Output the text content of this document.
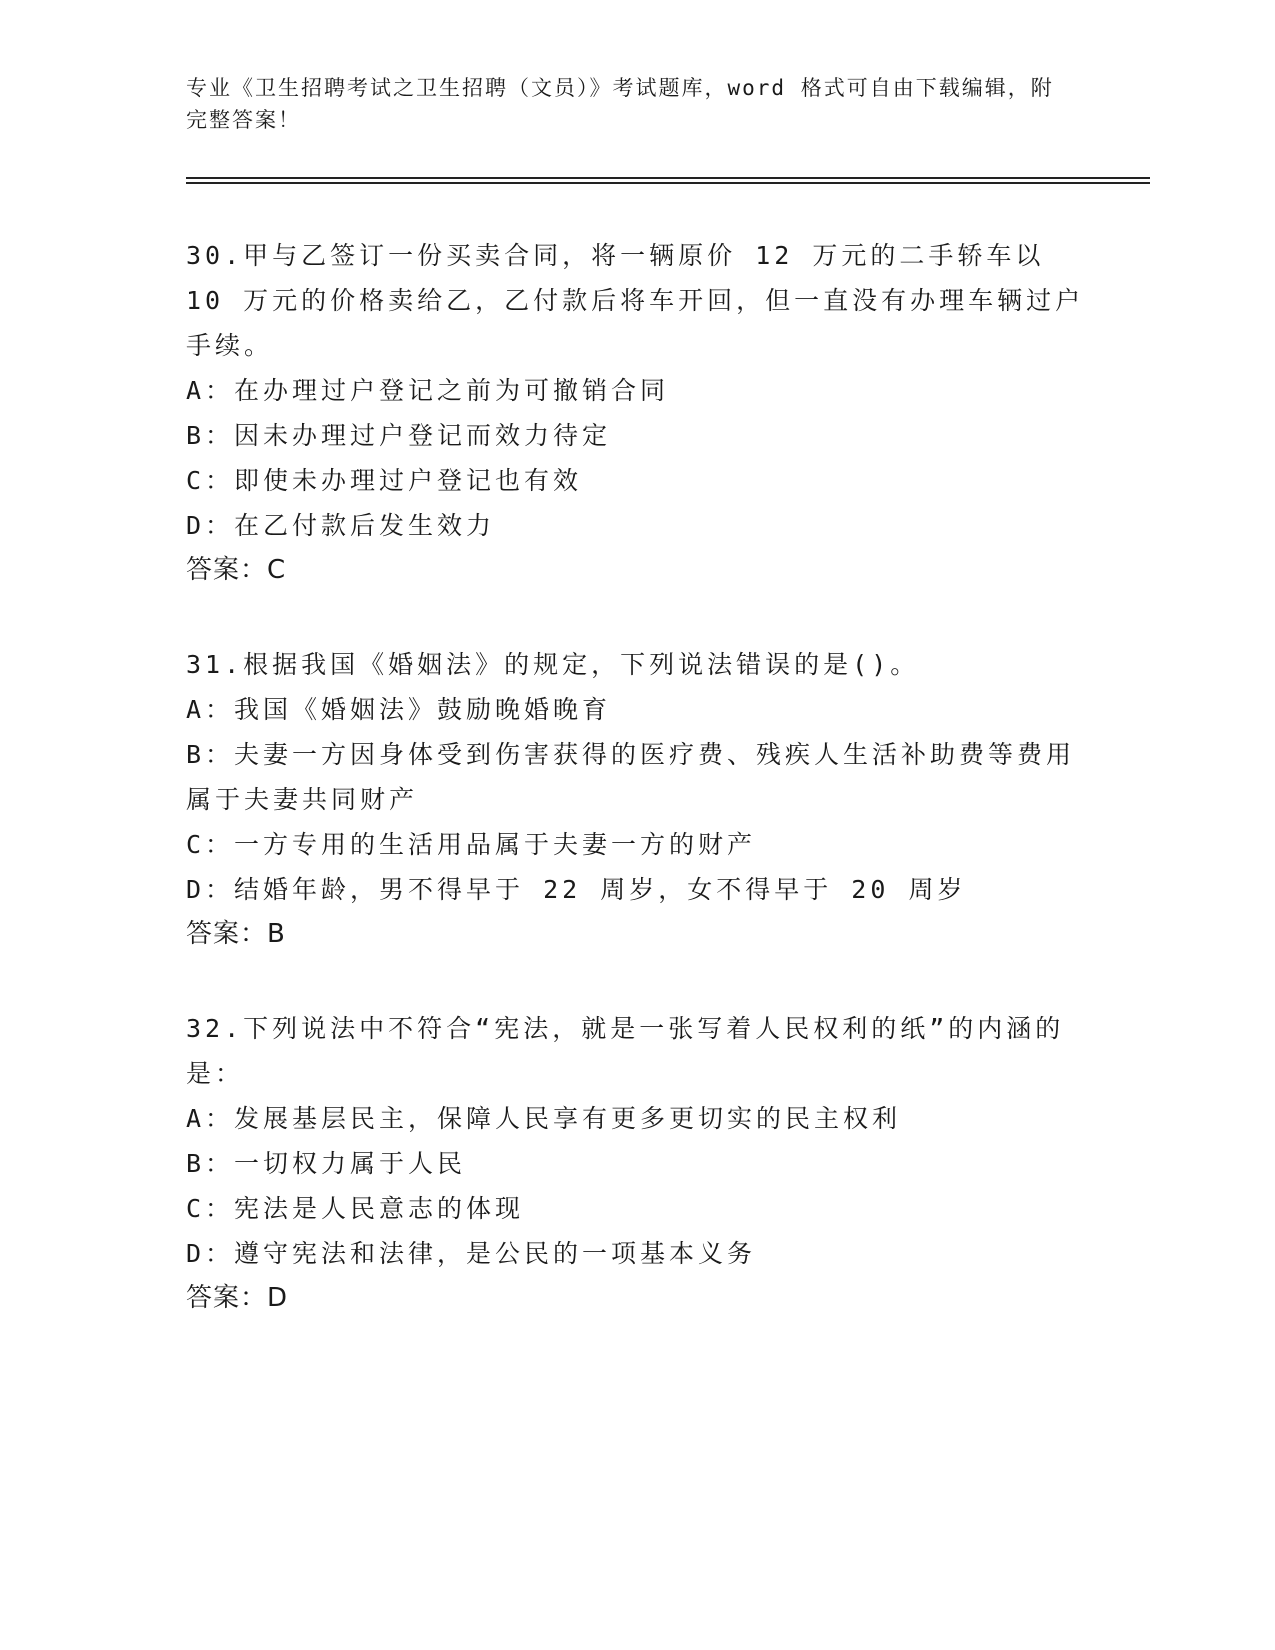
专业《卫生招聘考试之卫生招聘（文员）》考试题库，word 格式可自由下载编辑，附完整答案！

30.甲与乙签订一份买卖合同，将一辆原价 12 万元的二手轿车以 10 万元的价格卖给乙，乙付款后将车开回，但一直没有办理车辆过户手续。

A：在办理过户登记之前为可撤销合同

B：因未办理过户登记而效力待定

C：即使未办理过户登记也有效

D：在乙付款后发生效力

答案：C

31.根据我国《婚姻法》的规定，下列说法错误的是()。

A：我国《婚姻法》鼓励晚婚晚育

B：夫妻一方因身体受到伤害获得的医疗费、残疾人生活补助费等费用属于夫妻共同财产

C：一方专用的生活用品属于夫妻一方的财产

D：结婚年龄，男不得早于 22 周岁，女不得早于 20 周岁

答案：B

32.下列说法中不符合“宪法，就是一张写着人民权利的纸”的内涵的是：

A：发展基层民主，保障人民享有更多更切实的民主权利

B：一切权力属于人民

C：宪法是人民意志的体现

D：遵守宪法和法律，是公民的一项基本义务

答案：D
